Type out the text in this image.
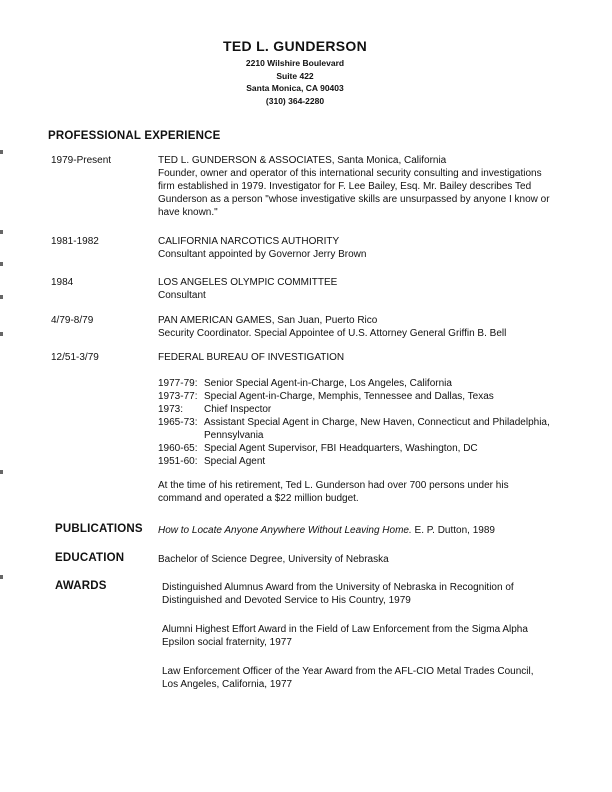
TED L. GUNDERSON
2210 Wilshire Boulevard
Suite 422
Santa Monica, CA 90403
(310) 364-2280
PROFESSIONAL EXPERIENCE
1979-Present	TED L. GUNDERSON & ASSOCIATES, Santa Monica, California
Founder, owner and operator of this international security consulting and investigations firm established in 1979. Investigator for F. Lee Bailey, Esq. Mr. Bailey describes Ted Gunderson as a person "whose investigative skills are unsurpassed by anyone I know or have known."
1981-1982	CALIFORNIA NARCOTICS AUTHORITY
Consultant appointed by Governor Jerry Brown
1984	LOS ANGELES OLYMPIC COMMITTEE
Consultant
4/79-8/79	PAN AMERICAN GAMES, San Juan, Puerto Rico
Security Coordinator. Special Appointee of U.S. Attorney General Griffin B. Bell
12/51-3/79	FEDERAL BUREAU OF INVESTIGATION
1977-79: Senior Special Agent-in-Charge, Los Angeles, California
1973-77: Special Agent-in-Charge, Memphis, Tennessee and Dallas, Texas
1973:	Chief Inspector
1965-73: Assistant Special Agent in Charge, New Haven, Connecticut and Philadelphia, Pennsylvania
1960-65: Special Agent Supervisor, FBI Headquarters, Washington, DC
1951-60: Special Agent
At the time of his retirement, Ted L. Gunderson had over 700 persons under his command and operated a $22 million budget.
PUBLICATIONS How to Locate Anyone Anywhere Without Leaving Home. E. P. Dutton, 1989
EDUCATION	Bachelor of Science Degree, University of Nebraska
AWARDS	Distinguished Alumnus Award from the University of Nebraska in Recognition of Distinguished and Devoted Service to His Country, 1979
Alumni Highest Effort Award in the Field of Law Enforcement from the Sigma Alpha Epsilon social fraternity, 1977
Law Enforcement Officer of the Year Award from the AFL-CIO Metal Trades Council, Los Angeles, California, 1977
